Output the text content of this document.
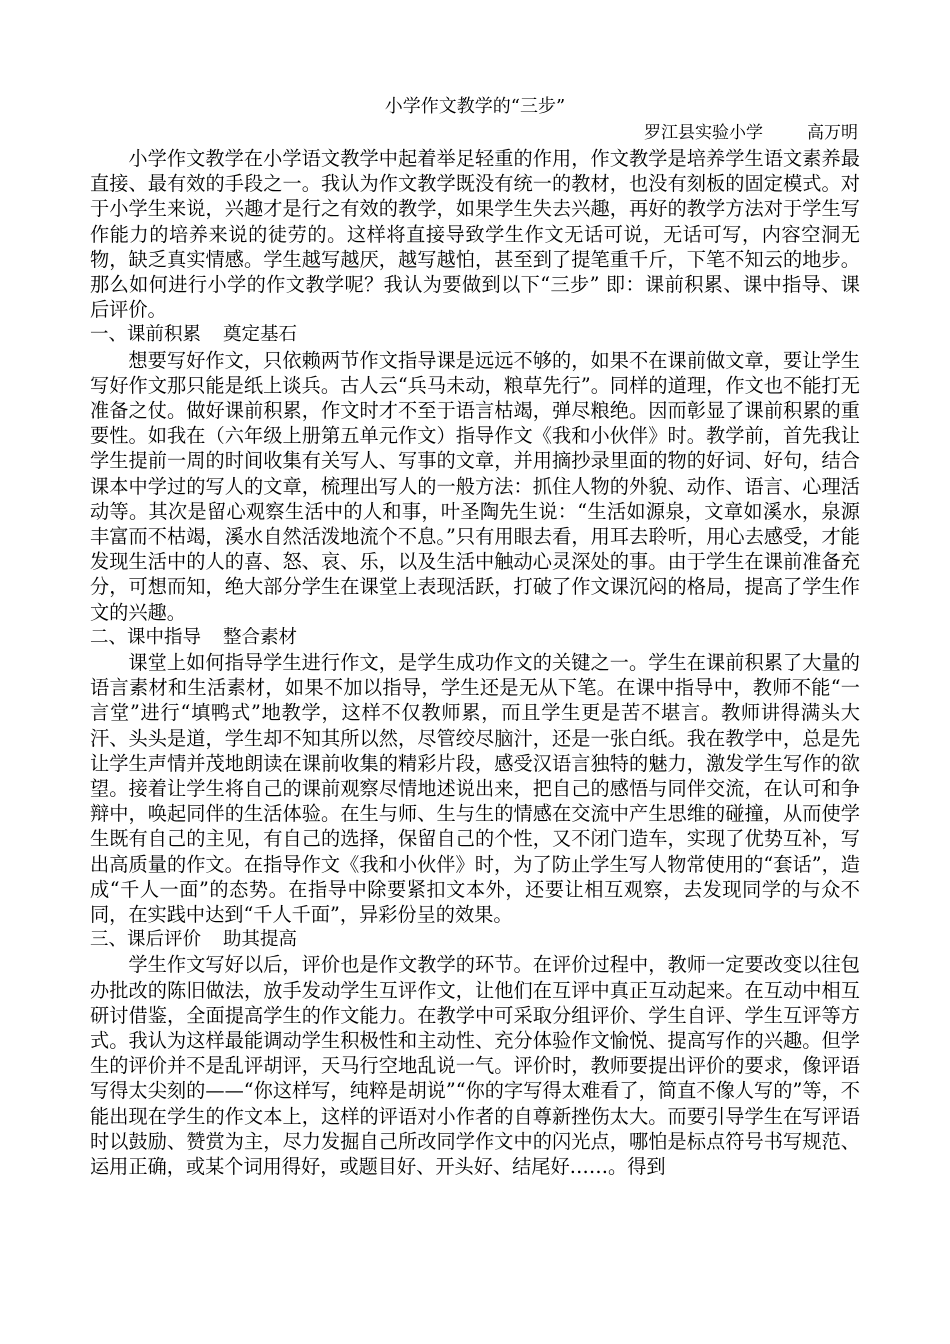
小学作文教学的“三步”
罗江县实验小学	高万明

小学作文教学在小学语文教学中起着举足轻重的作用，作文教学是培养学生语文素养最直接、最有效的手段之一。我认为作文教学既没有统一的教材，也没有刻板的固定模式。对于小学生来说，兴趣才是行之有效的教学，如果学生失去兴趣，再好的教学方法对于学生写作能力的培养来说的徒劳的。这样将直接导致学生作文无话可说，无话可写，内容空洞无物，缺乏真实情感。学生越写越厌，越写越怕，甚至到了提笔重千斤，下笔不知云的地步。那么如何进行小学的作文教学呢？我认为要做到以下“三步” 即：课前积累、课中指导、课后评价。

一、课前积累 奠定基石

想要写好作文，只依赖两节作文指导课是远远不够的，如果不在课前做文章，要让学生写好作文那只能是纸上谈兵。古人云“兵马未动，粮草先行”。同样的道理，作文也不能打无准备之仗。做好课前积累，作文时才不至于语言枯竭，弹尽粮绝。因而彰显了课前积累的重要性。如我在（六年级上册第五单元作文）指导作文《我和小伙伴》时。教学前，首先我让学生提前一周的时间收集有关写人、写事的文章，并用摘抄录里面的物的好词、好句，结合课本中学过的写人的文章，梳理出写人的一般方法：抓住人物的外貌、动作、语言、心理活动等。其次是留心观察生活中的人和事，叶圣陶先生说：“生活如源泉，文章如溪水，泉源丰富而不枯竭，溪水自然活泼地流个不息。”只有用眼去看，用耳去聆听，用心去感受，才能发现生活中的人的喜、怒、哀、乐，以及生活中触动心灵深处的事。由于学生在课前准备充分，可想而知，绝大部分学生在课堂上表现活跃，打破了作文课沉闷的格局，提高了学生作文的兴趣。

二、课中指导 整合素材

课堂上如何指导学生进行作文，是学生成功作文的关键之一。学生在课前积累了大量的语言素材和生活素材，如果不加以指导，学生还是无从下笔。在课中指导中，教师不能“一言堂”进行“填鸭式”地教学，这样不仅教师累，而且学生更是苦不堪言。教师讲得满头大汗、头头是道，学生却不知其所以然，尽管绞尽脑汁，还是一张白纸。我在教学中，总是先让学生声情并茂地朗读在课前收集的精彩片段，感受汉语言独特的魅力，激发学生写作的欲望。接着让学生将自己的课前观察尽情地述说出来，把自己的感悟与同伴交流，在认可和争辩中，唤起同伴的生活体验。在生与师、生与生的情感在交流中产生思维的碰撞，从而使学生既有自己的主见，有自己的选择，保留自己的个性，又不闭门造车，实现了优势互补，写出高质量的作文。在指导作文《我和小伙伴》时，为了防止学生写人物常使用的“套话”，造成“千人一面”的态势。在指导中除要紧扣文本外，还要让相互观察，去发现同学的与众不同，在实践中达到“千人千面”，异彩份呈的效果。

三、课后评价 助其提高

学生作文写好以后，评价也是作文教学的环节。在评价过程中，教师一定要改变以往包办批改的陈旧做法，放手发动学生互评作文，让他们在互评中真正互动起来。在互动中相互研讨借鉴，全面提高学生的作文能力。在教学中可采取分组评价、学生自评、学生互评等方式。我认为这样最能调动学生积极性和主动性、充分体验作文愉悦、提高写作的兴趣。但学生的评价并不是乱评胡评，天马行空地乱说一气。评价时，教师要提出评价的要求，像评语写得太尖刻的——“你这样写，纯粹是胡说”“你的字写得太难看了，简直不像人写的”等，不能出现在学生的作文本上，这样的评语对小作者的自尊新挫伤太大。而要引导学生在写评语时以鼓励、赞赏为主，尽力发掘自己所改同学作文中的闪光点，哪怕是标点符号书写规范、运用正确，或某个词用得好，或题目好、开头好、结尾好……。得到
